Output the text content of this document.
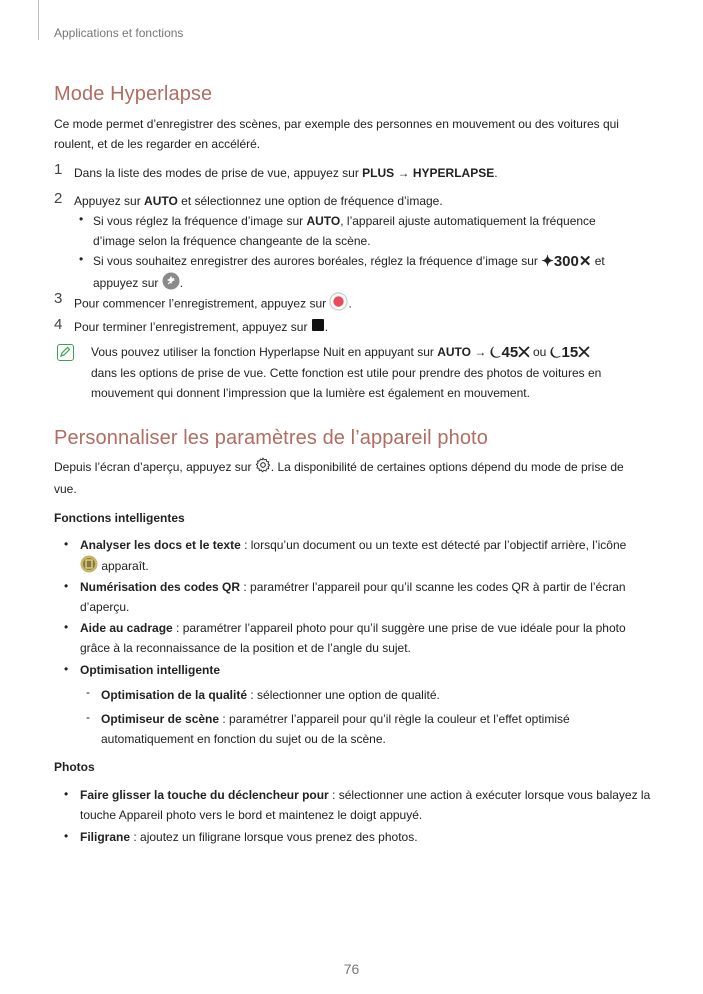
Applications et fonctions
Mode Hyperlapse
Ce mode permet d’enregistrer des scènes, par exemple des personnes en mouvement ou des voitures qui
roulent, et de les regarder en accéléré.
1 Dans la liste des modes de prise de vue, appuyez sur PLUS → HYPERLAPSE.
2 Appuyez sur AUTO et sélectionnez une option de fréquence d’image.
• Si vous réglez la fréquence d’image sur AUTO, l’appareil ajuste automatiquement la fréquence
d’image selon la fréquence changeante de la scène.
• Si vous souhaitez enregistrer des aurores boréales, réglez la fréquence d’image sur ✦300✕ et
appuyez sur .
3 Pour commencer l’enregistrement, appuyez sur .
4 Pour terminer l’enregistrement, appuyez sur .
Vous pouvez utiliser la fonction Hyperlapse Nuit en appuyant sur AUTO → ⏾45✕ ou ⏾15✕
dans les options de prise de vue. Cette fonction est utile pour prendre des photos de voitures en
mouvement qui donnent l’impression que la lumière est également en mouvement.
Personnaliser les paramètres de l’appareil photo
Depuis l’écran d’aperçu, appuyez sur . La disponibilité de certaines options dépend du mode de prise de
vue.
Fonctions intelligentes
• Analyser les docs et le texte : lorsqu’un document ou un texte est détecté par l’objectif arrière, l’icône
apparaît.
• Numérisation des codes QR : paramétrer l’appareil pour qu’il scanne les codes QR à partir de l’écran
d’aperçu.
• Aide au cadrage : paramétrer l’appareil photo pour qu’il suggère une prise de vue idéale pour la photo
grâce à la reconnaissance de la position et de l’angle du sujet.
• Optimisation intelligente
- Optimisation de la qualité : sélectionner une option de qualité.
- Optimiseur de scène : paramétrer l’appareil pour qu’il règle la couleur et l’effet optimisé
automatiquement en fonction du sujet ou de la scène.
Photos
• Faire glisser la touche du déclencheur pour : sélectionner une action à exécuter lorsque vous balayez la
touche Appareil photo vers le bord et maintenez le doigt appuyé.
• Filigrane : ajoutez un filigrane lorsque vous prenez des photos.
76
